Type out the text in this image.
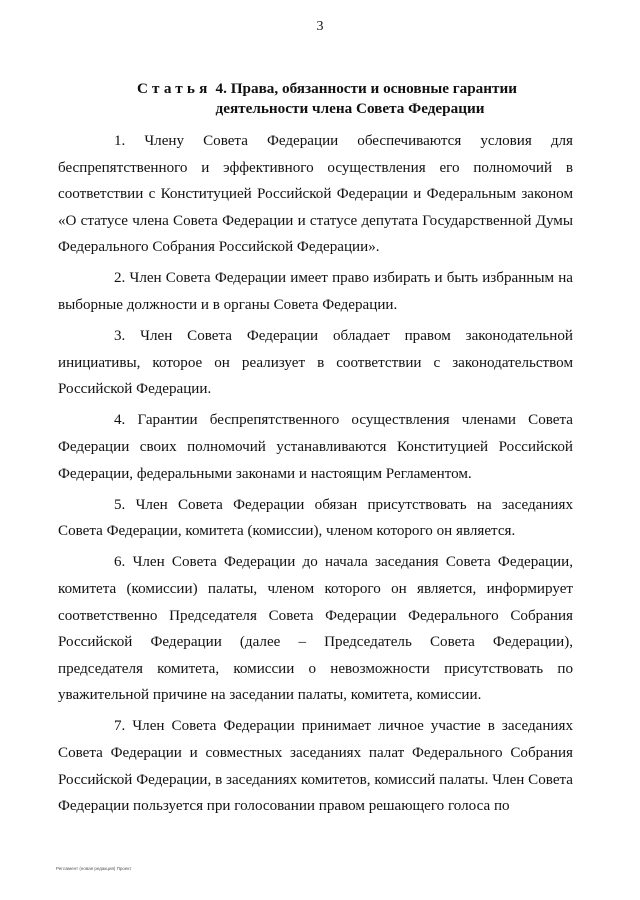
3
Статья 4. Права, обязанности и основные гарантии
деятельности члена Совета Федерации

1. Члену Совета Федерации обеспечиваются условия для беспрепятственного и эффективного осуществления его полномочий в соответствии с Конституцией Российской Федерации и Федеральным законом «О статусе члена Совета Федерации и статусе депутата Государственной Думы Федерального Собрания Российской Федерации».

2. Член Совета Федерации имеет право избирать и быть избранным на выборные должности и в органы Совета Федерации.

3. Член Совета Федерации обладает правом законодательной инициативы, которое он реализует в соответствии с законодательством Российской Федерации.

4. Гарантии беспрепятственного осуществления членами Совета Федерации своих полномочий устанавливаются Конституцией Российской Федерации, федеральными законами и настоящим Регламентом.

5. Член Совета Федерации обязан присутствовать на заседаниях Совета Федерации, комитета (комиссии), членом которого он является.

6. Член Совета Федерации до начала заседания Совета Федерации, комитета (комиссии) палаты, членом которого он является, информирует соответственно Председателя Совета Федерации Федерального Собрания Российской Федерации (далее – Председатель Совета Федерации), председателя комитета, комиссии о невозможности присутствовать по уважительной причине на заседании палаты, комитета, комиссии.

7. Член Совета Федерации принимает личное участие в заседаниях Совета Федерации и совместных заседаниях палат Федерального Собрания Российской Федерации, в заседаниях комитетов, комиссий палаты. Член Совета Федерации пользуется при голосовании правом решающего голоса по

Регламент (новая редакция) Проект
